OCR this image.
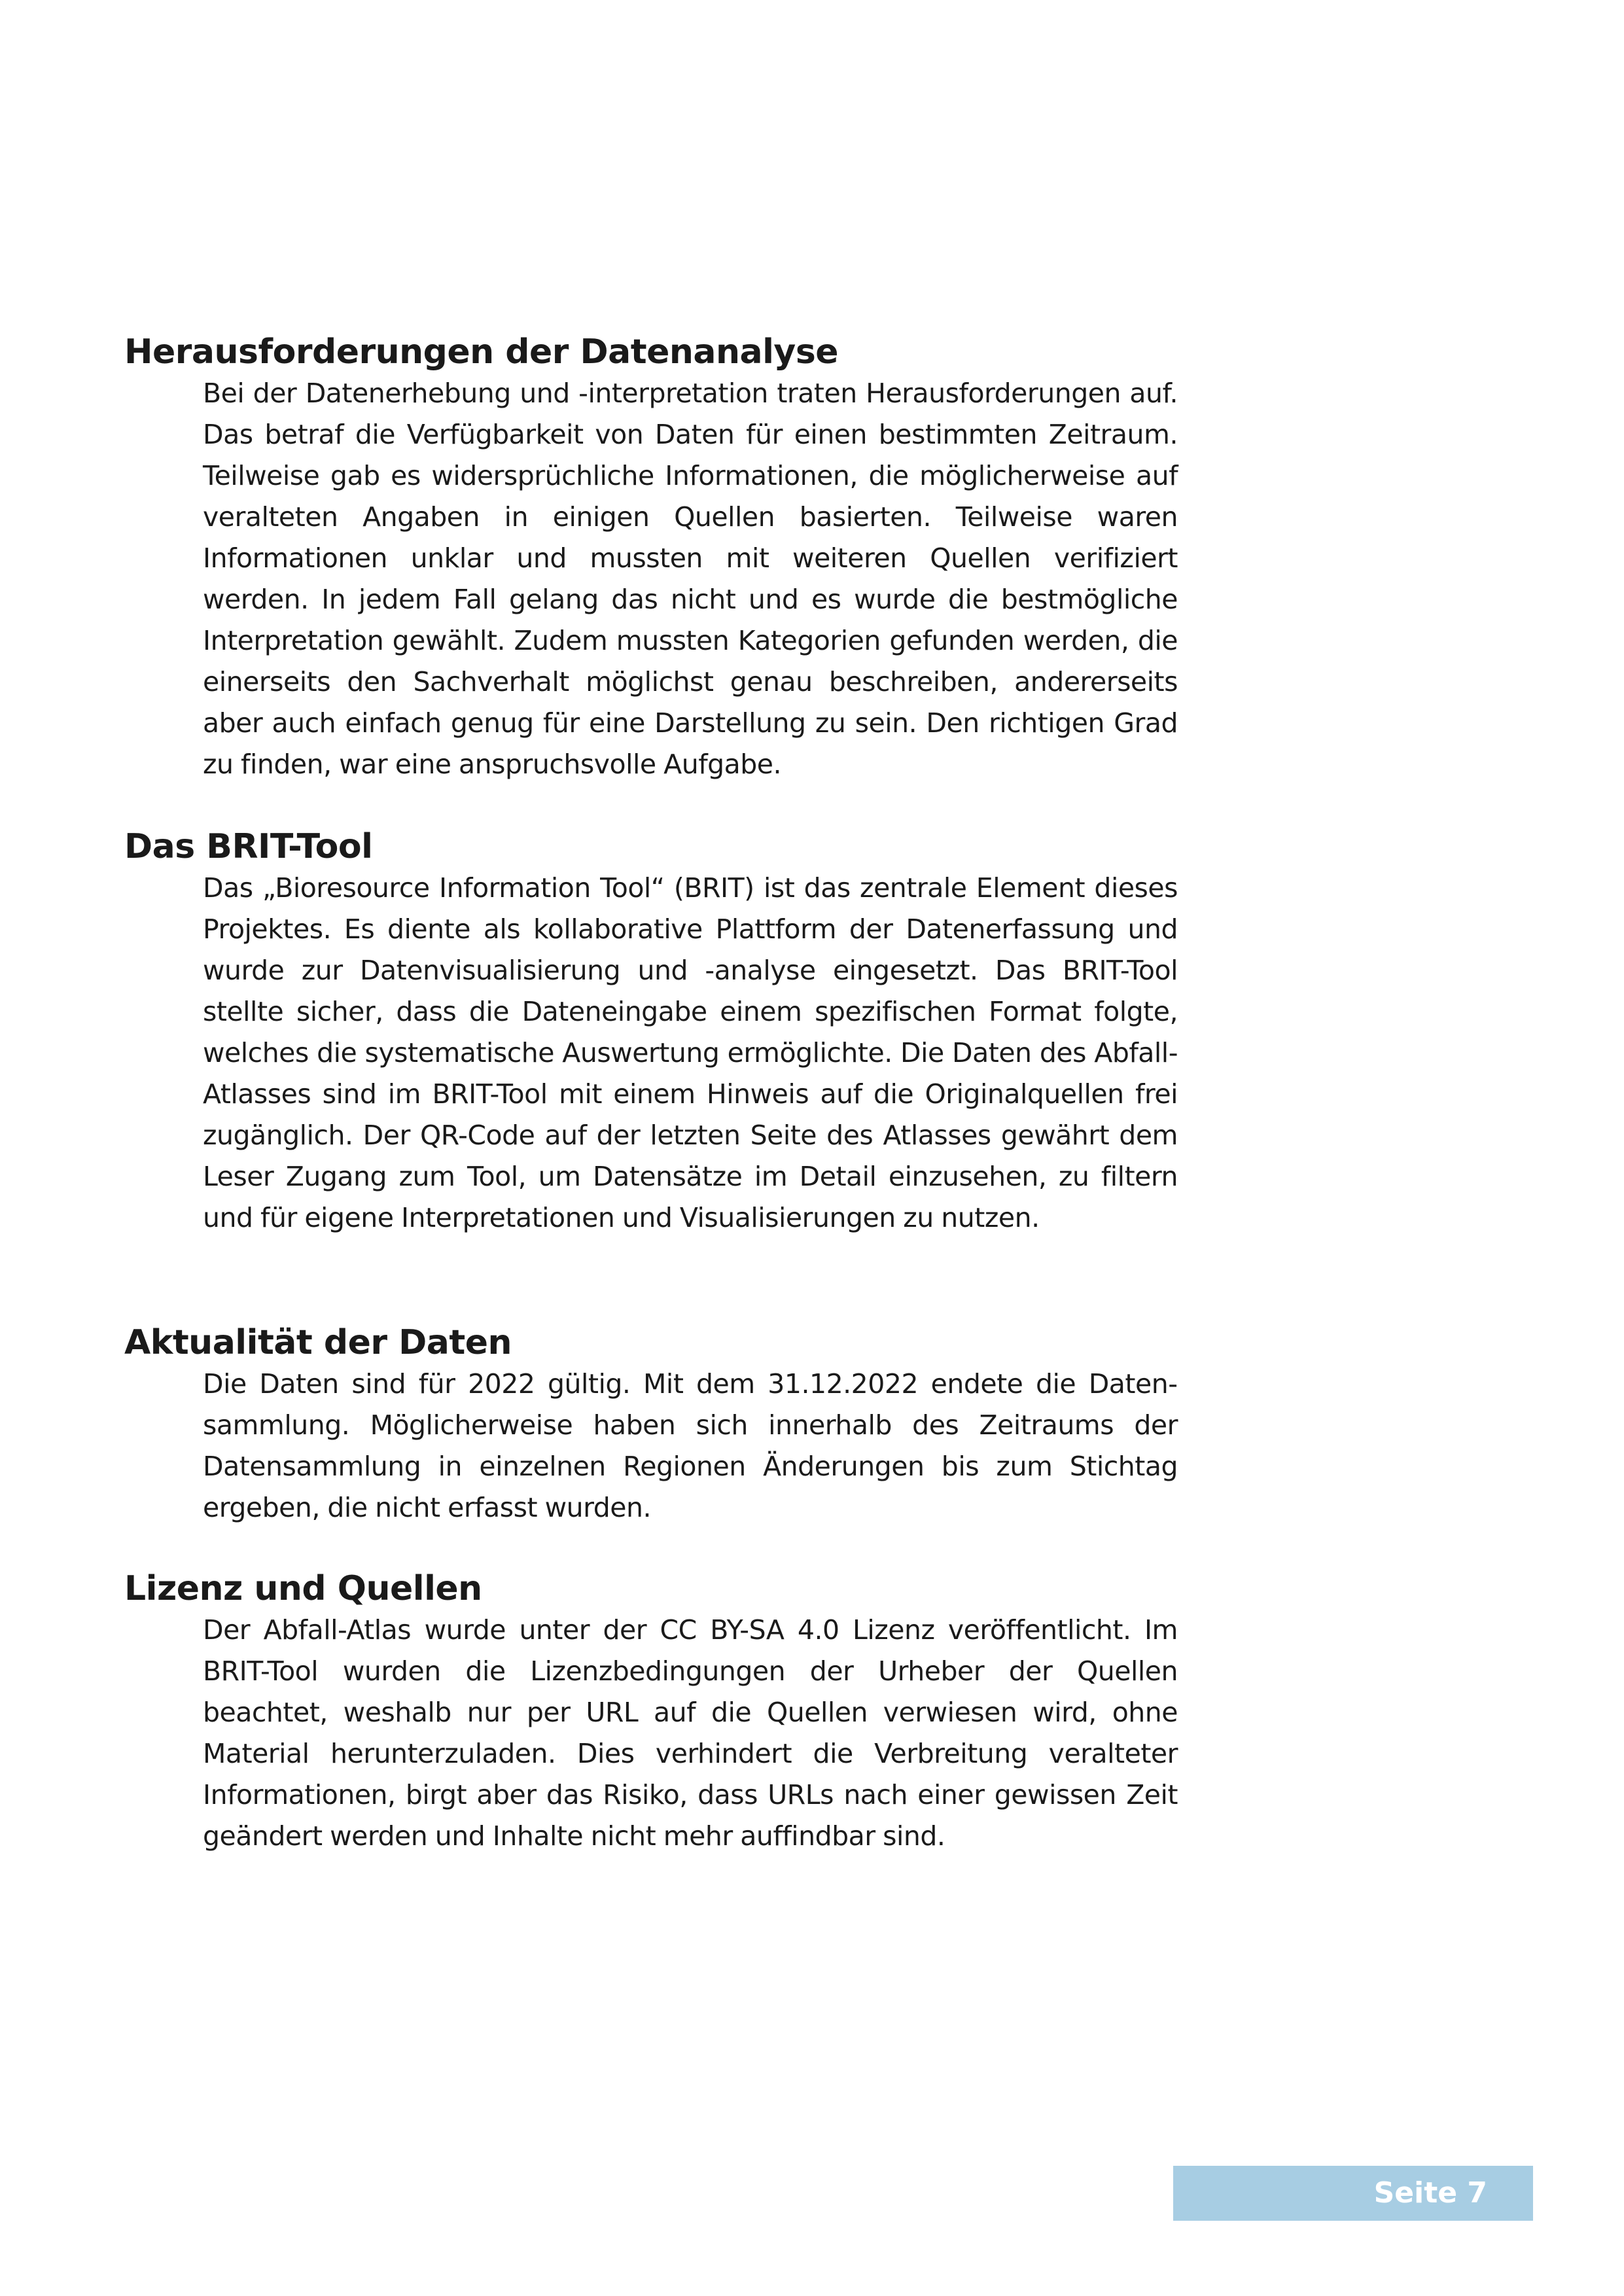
Herausforderungen der Datenanalyse

Bei der Datenerhebung und -interpretation traten Herausforderungen auf. Das betraf die Verfügbarkeit von Daten für einen bestimmten Zeitraum. Teilweise gab es widersprüchliche Informationen, die möglicherweise auf veralteten Angaben in einigen Quellen basierten. Teilweise waren Informationen unklar und mussten mit weiteren Quellen verifiziert werden. In jedem Fall gelang das nicht und es wurde die bestmögliche Interpretation gewählt. Zudem mussten Kategorien gefunden werden, die einerseits den Sachverhalt möglichst genau beschreiben, andererseits aber auch einfach genug für eine Darstellung zu sein. Den richtigen Grad zu finden, war eine anspruchsvolle Aufgabe.

Das BRIT-Tool

Das „Bioresource Information Tool“ (BRIT) ist das zentrale Element dieses Projektes. Es diente als kollaborative Plattform der Datenerfassung und wurde zur Datenvisualisierung und -analyse eingesetzt. Das BRIT-Tool stellte sicher, dass die Dateneingabe einem spezifischen Format folgte, welches die systematische Auswertung ermöglichte. Die Daten des Abfall-Atlasses sind im BRIT-Tool mit einem Hinweis auf die Originalquellen frei zugänglich. Der QR-Code auf der letzten Seite des Atlasses gewährt dem Leser Zugang zum Tool, um Datensätze im Detail einzusehen, zu filtern und für eigene Interpretationen und Visualisierungen zu nutzen.

Aktualität der Daten

Die Daten sind für 2022 gültig. Mit dem 31.12.2022 endete die Datensammlung. Möglicherweise haben sich innerhalb des Zeitraums der Datensammlung in einzelnen Regionen Änderungen bis zum Stichtag ergeben, die nicht erfasst wurden.

Lizenz und Quellen

Der Abfall-Atlas wurde unter der CC BY-SA 4.0 Lizenz veröffentlicht. Im BRIT-Tool wurden die Lizenzbedingungen der Urheber der Quellen beachtet, weshalb nur per URL auf die Quellen verwiesen wird, ohne Material herunterzuladen. Dies verhindert die Verbreitung veralteter Informationen, birgt aber das Risiko, dass URLs nach einer gewissen Zeit geändert werden und Inhalte nicht mehr auffindbar sind.

Seite 7
